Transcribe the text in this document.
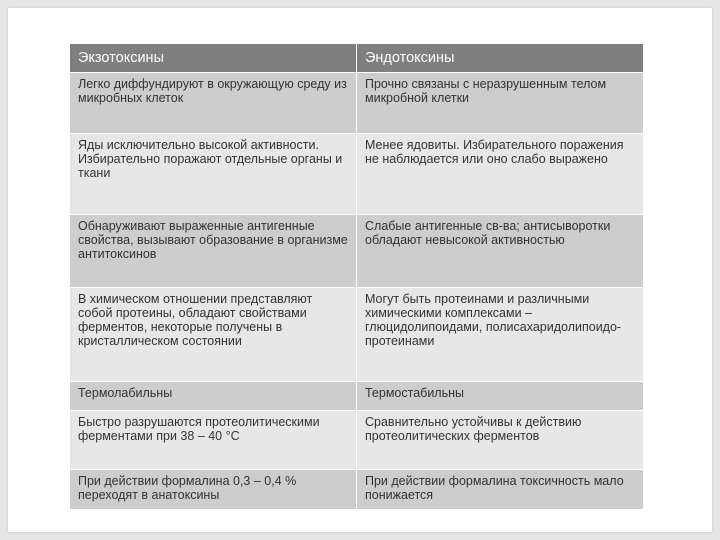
Экзотоксины	Эндотоксины
Легко диффундируют в окружающую среду из микробных клеток	Прочно связаны с неразрушенным телом микробной клетки
Яды исключительно высокой активности. Избирательно поражают отдельные органы и ткани	Менее ядовиты. Избирательного поражения не наблюдается или оно слабо выражено
Обнаруживают выраженные антигенные свойства, вызывают образование в организме антитоксинов	Слабые антигенные св-ва; антисыворотки обладают невысокой активностью
В химическом отношении представляют собой протеины, обладают свойствами ферментов, некоторые получены в кристаллическом состоянии	Могут быть протеинами и различными химическими комплексами – глюцидолипоидами, полисахаридолипоидо-протеинами
Термолабильны	Термостабильны
Быстро разрушаются протеолитическими ферментами при 38 – 40 °С	Сравнительно устойчивы к действию протеолитических ферментов
При действии формалина 0,3 – 0,4 % переходят в анатоксины	При действии формалина токсичность мало понижается
